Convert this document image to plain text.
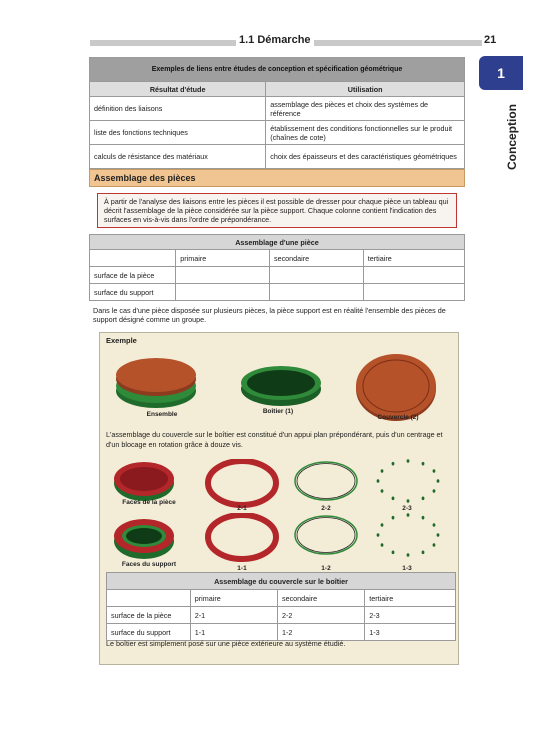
1.1 Démarche	21
1
Conception
Exemples de liens entre études de conception et spécification géométrique	
Résultat d'étude	Utilisation
définition des liaisons	assemblage des pièces et choix des systèmes de référence
liste des fonctions techniques	établissement des conditions fonctionnelles sur le produit (chaînes de cote)
calculs de résistance des matériaux	choix des épaisseurs et des caractéristiques géométriques
Assemblage des pièces
À partir de l'analyse des liaisons entre les pièces il est possible de dresser pour chaque pièce un tableau qui décrit l'assemblage de la pièce considérée sur la pièce support. Chaque colonne contient l'indication des surfaces en vis-à-vis dans l'ordre de prépondérance.
Assemblage d'une pièce			
	primaire	secondaire	tertiaire
surface de la pièce			
surface du support			
Dans le cas d'une pièce disposée sur plusieurs pièces, la pièce support est en réalité l'ensemble des pièces de support désigné comme un groupe.
Exemple
Ensemble	Boîtier (1)
Couvercle (2)
L'assemblage du couvercle sur le boîtier est constitué d'un appui plan prépondérant, puis d'un centrage et d'un blocage en rotation grâce à douze vis.
Faces de la pièce
2-1	2-2	2-3
Faces du support
1-1	1-2	1-3
Assemblage du couvercle sur le boîtier			
	primaire	secondaire	tertiaire
surface de la pièce	2-1	2-2	2-3
surface du support	1-1	1-2	1-3
Le boîtier est simplement posé sur une pièce extérieure au système étudié.
